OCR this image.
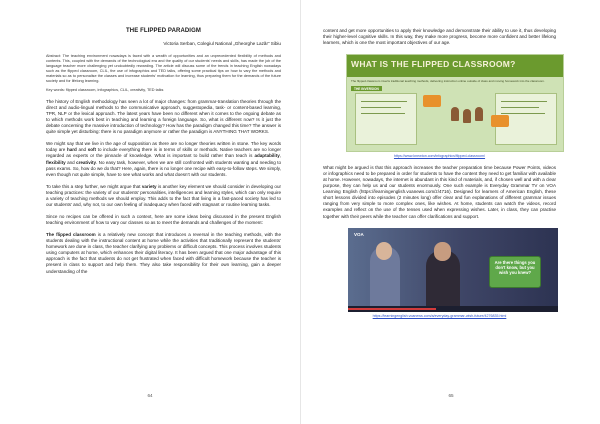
THE FLIPPED PARADIGM

Victoria Serban, Colegiul National „Gheorghe Lazăr” Sibiu

Abstract: The teaching environment nowadays is faced with a wealth of opportunities and an unprecedented flexibility of methods and contents. This, coupled with the demands of the technological era and the quality of our students’ needs and skills, has made the job of the language teacher more challenging yet undoubtedly rewarding. The article will discuss some of the trends in teaching English nowadays such as the flipped classroom, CLIL, the use of infographics and TED talks, offering some practical tips on how to vary the methods and materials so as to personalise the classes and increase students’ motivation for learning, thus preparing them for the demands of the future society and for lifelong learning.

Key words: flipped classroom, infographics, CLIL, creativity, TED talks

The history of English methodology has seen a lot of major changes: from grammar-translation theories through the direct and audio-lingual methods to the communicative approach, suggestopedia, task- or content-based learning, TPR, NLP or the lexical approach. The latest years have been no different when it comes to the ongoing debate as to which methods work best in teaching and learning a foreign language. So, what is different now? Is it just the debate concerning the massive introduction of technology? How has the paradigm changed this time? The answer is quite simple yet disturbing: there is no paradigm anymore or rather the paradigm is ANYTHING THAT WORKS.

We might say that we live in the age of supposition as there are no longer theories written in stone. The key words today are hard and soft to include everything there is in terms of skills or methods. Native teachers are no longer regarded as experts or the pinnacle of knowledge. What is important to build rather than teach is adaptability, flexibility and creativity. No easy task, however, when we are still confronted with students wanting and needing to pass exams. So, how do we do that? Here, again, there is no longer one recipe with easy-to-follow steps. We simply, even though not quite simple, have to see what works and what doesn’t with our students.

To take this a step further, we might argue that variety is another key element we should consider in developing our teaching practices: the variety of our students’ personalities, intelligences and learning styles, which can only require a variety of teaching methods we should employ. This adds to the fact that living in a fast-paced society has led to our students’ and, why not, to our own feeling of inadequacy when faced with stagnant or routine learning tasks.

Since no recipes can be offered in such a context, here are some ideas being discussed in the present English teaching environment of how to vary our classes so as to meet the demands and challenges of the moment:

The flipped classroom is a relatively new concept that introduces a reversal in the teaching methods, with the students dealing with the instructional content at home while the activities that traditionally represent the students’ homework are done in class, the teacher clarifying any problems or difficult concepts. This process involves students using computers at home, which enhances their digital literacy. It has been argued that one major advantage of this approach is the fact that students do not get frustrated when faced with difficult homework because the teacher is present in class to support and help them. They also take responsibility for their own learning, gain a deeper understanding of the

64

content and get more opportunities to apply their knowledge and demonstrate their ability to use it, thus developing their higher-level cognitive skills. In this way, they make more progress, become more confident and better lifelong learners, which is one the most important objectives of our age.

WHAT IS THE FLIPPED CLASSROOM?
The flipped classroom inverts traditional teaching methods, delivering instruction online outside of class and moving homework into the classroom.
THE INVERSION

https://www.knewton.com/infographics/flipped-classroom/

What might be argued is that this approach increases the teacher preparation time because Power Points, videos or infographics need to be prepared in order for students to have the content they need to get familiar with available at home. However, nowadays, the internet is abundant in this kind of materials, and, if chosen well and with a clear purpose, they can help us and our students enormously. One such example is Everyday Grammar TV on VOA Learning English (https://learningenglish.voanews.com/z/4716). Designed for learners of American English, these short lessons divided into episodes (2 minutes long) offer clear and fun explanations of different grammar issues ranging from very simple to more complex ones, like wishes. At home, students can watch the videos, record examples and reflect on the use of the tenses used when expressing wishes. Later, in class, they can practise together with their peers while the teacher can offer clarifications and support.

VOA
Are there things you don't know, but you wish you knew?

https://learningenglish.voanews.com/a/everyday-grammar-wish-future/4276835.html

65
